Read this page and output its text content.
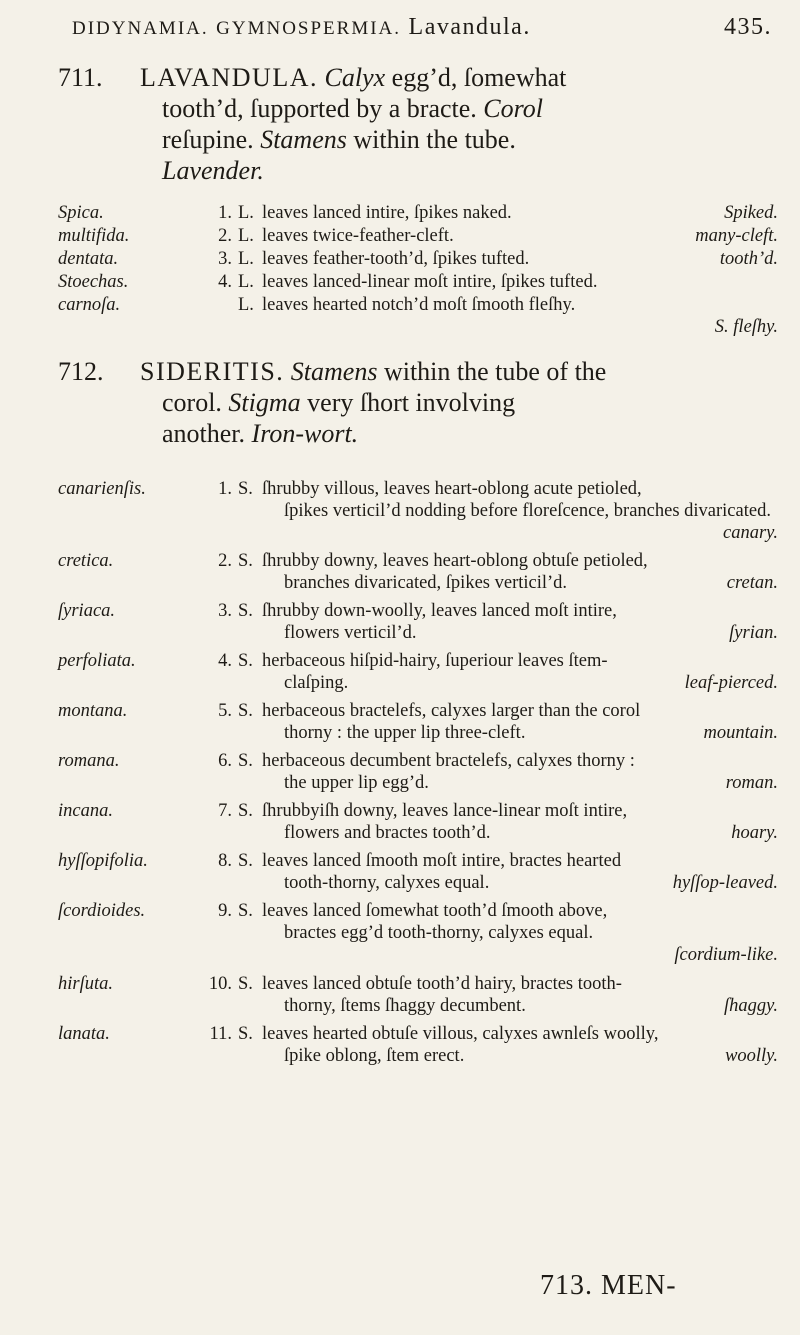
DIDYNAMIA. GYMNOSPERMIA. Lavandula.	435.
711. LAVANDULA. Calyx egg’d, ſomewhat
tooth’d, ſupported by a bracte. Corol
reſupine. Stamens within the tube.
Lavender.
Spica.	1. L. leaves lanced intire, ſpikes naked.	Spiked.
multifida.	2. L. leaves twice-feather-cleft.	many-cleft.
dentata.	3. L. leaves feather-tooth’d, ſpikes tufted.	tooth’d.
Stoechas.	4. L. leaves lanced-linear moſt intire, ſpikes tufted.
carnoſa.	L. leaves hearted notch’d moſt ſmooth fleſhy.
S. fleſhy.
712. SIDERITIS. Stamens within the tube of the
corol. Stigma very ſhort involving
another. Iron-wort.
canarienſis.	1. S. ſhrubby villous, leaves heart-oblong acute petioled,
ſpikes verticil’d nodding before floreſcence, branches divaricated.
canary.
cretica.	2. S. ſhrubby downy, leaves heart-oblong obtuſe petioled,
branches divaricated, ſpikes verticil’d.	cretan.
ſyriaca.	3. S. ſhrubby down-woolly, leaves lanced moſt intire,
flowers verticil’d.	ſyrian.
perfoliata.	4. S. herbaceous hiſpid-hairy, ſuperiour leaves ſtem-
claſping.	leaf-pierced.
montana.	5. S. herbaceous bractelefs, calyxes larger than the corol
thorny : the upper lip three-cleft.	mountain.
romana.	6. S. herbaceous decumbent bractelefs, calyxes thorny :
the upper lip egg’d.	roman.
incana.	7. S. ſhrubbyiſh downy, leaves lance-linear moſt intire,
flowers and bractes tooth’d.	hoary.
hyſſopifolia.	8. S. leaves lanced ſmooth moſt intire, bractes hearted
tooth-thorny, calyxes equal.	hyſſop-leaved.
ſcordioides.	9. S. leaves lanced ſomewhat tooth’d ſmooth above,
bractes egg’d tooth-thorny, calyxes equal.
ſcordium-like.
hirſuta.	10. S. leaves lanced obtuſe tooth’d hairy, bractes tooth-
thorny, ſtems ſhaggy decumbent.	ſhaggy.
lanata.	11. S. leaves hearted obtuſe villous, calyxes awnleſs woolly,
ſpike oblong, ſtem erect.	woolly.
713. MEN-
